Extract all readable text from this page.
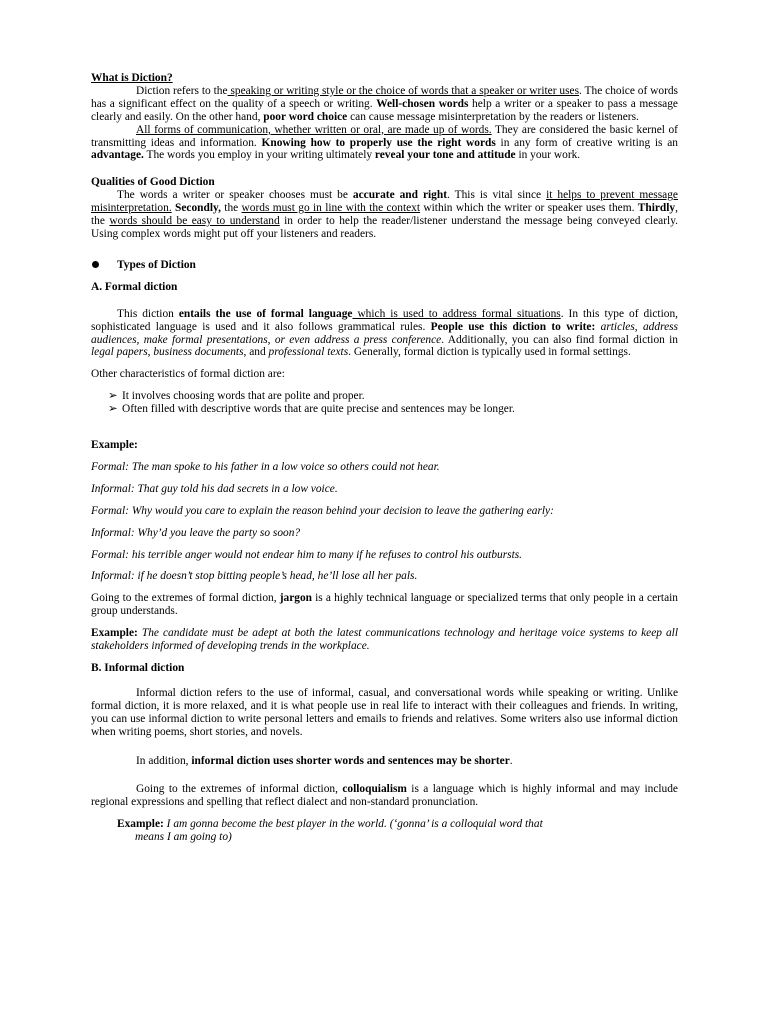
What is Diction?

Diction refers to the speaking or writing style or the choice of words that a speaker or writer uses. The choice of words has a significant effect on the quality of a speech or writing. Well-chosen words help a writer or a speaker to pass a message clearly and easily. On the other hand, poor word choice can cause message misinterpretation by the readers or listeners.

All forms of communication, whether written or oral, are made up of words. They are considered the basic kernel of transmitting ideas and information. Knowing how to properly use the right words in any form of creative writing is an advantage. The words you employ in your writing ultimately reveal your tone and attitude in your work.

Qualities of Good Diction

The words a writer or speaker chooses must be accurate and right. This is vital since it helps to prevent message misinterpretation. Secondly, the words must go in line with the context within which the writer or speaker uses them. Thirdly, the words should be easy to understand in order to help the reader/listener understand the message being conveyed clearly. Using complex words might put off your listeners and readers.

Types of Diction

A. Formal diction

This diction entails the use of formal language which is used to address formal situations. In this type of diction, sophisticated language is used and it also follows grammatical rules. People use this diction to write: articles, address audiences, make formal presentations, or even address a press conference. Additionally, you can also find formal diction in legal papers, business documents, and professional texts. Generally, formal diction is typically used in formal settings.

Other characteristics of formal diction are:

➢ It involves choosing words that are polite and proper.
➢ Often filled with descriptive words that are quite precise and sentences may be longer.

Example:

Formal: The man spoke to his father in a low voice so others could not hear.

Informal: That guy told his dad secrets in a low voice.

Formal: Why would you care to explain the reason behind your decision to leave the gathering early:

Informal: Why’d you leave the party so soon?

Formal: his terrible anger would not endear him to many if he refuses to control his outbursts.

Informal: if he doesn’t stop bitting people’s head, he’ll lose all her pals.

Going to the extremes of formal diction, jargon is a highly technical language or specialized terms that only people in a certain group understands.

Example: The candidate must be adept at both the latest communications technology and heritage voice systems to keep all stakeholders informed of developing trends in the workplace.

B. Informal diction

Informal diction refers to the use of informal, casual, and conversational words while speaking or writing. Unlike formal diction, it is more relaxed, and it is what people use in real life to interact with their colleagues and friends. In writing, you can use informal diction to write personal letters and emails to friends and relatives. Some writers also use informal diction when writing poems, short stories, and novels.

In addition, informal diction uses shorter words and sentences may be shorter.

Going to the extremes of informal diction, colloquialism is a language which is highly informal and may include regional expressions and spelling that reflect dialect and non-standard pronunciation.

Example: I am gonna become the best player in the world. (‘gonna’ is a colloquial word that

means I am going to)
